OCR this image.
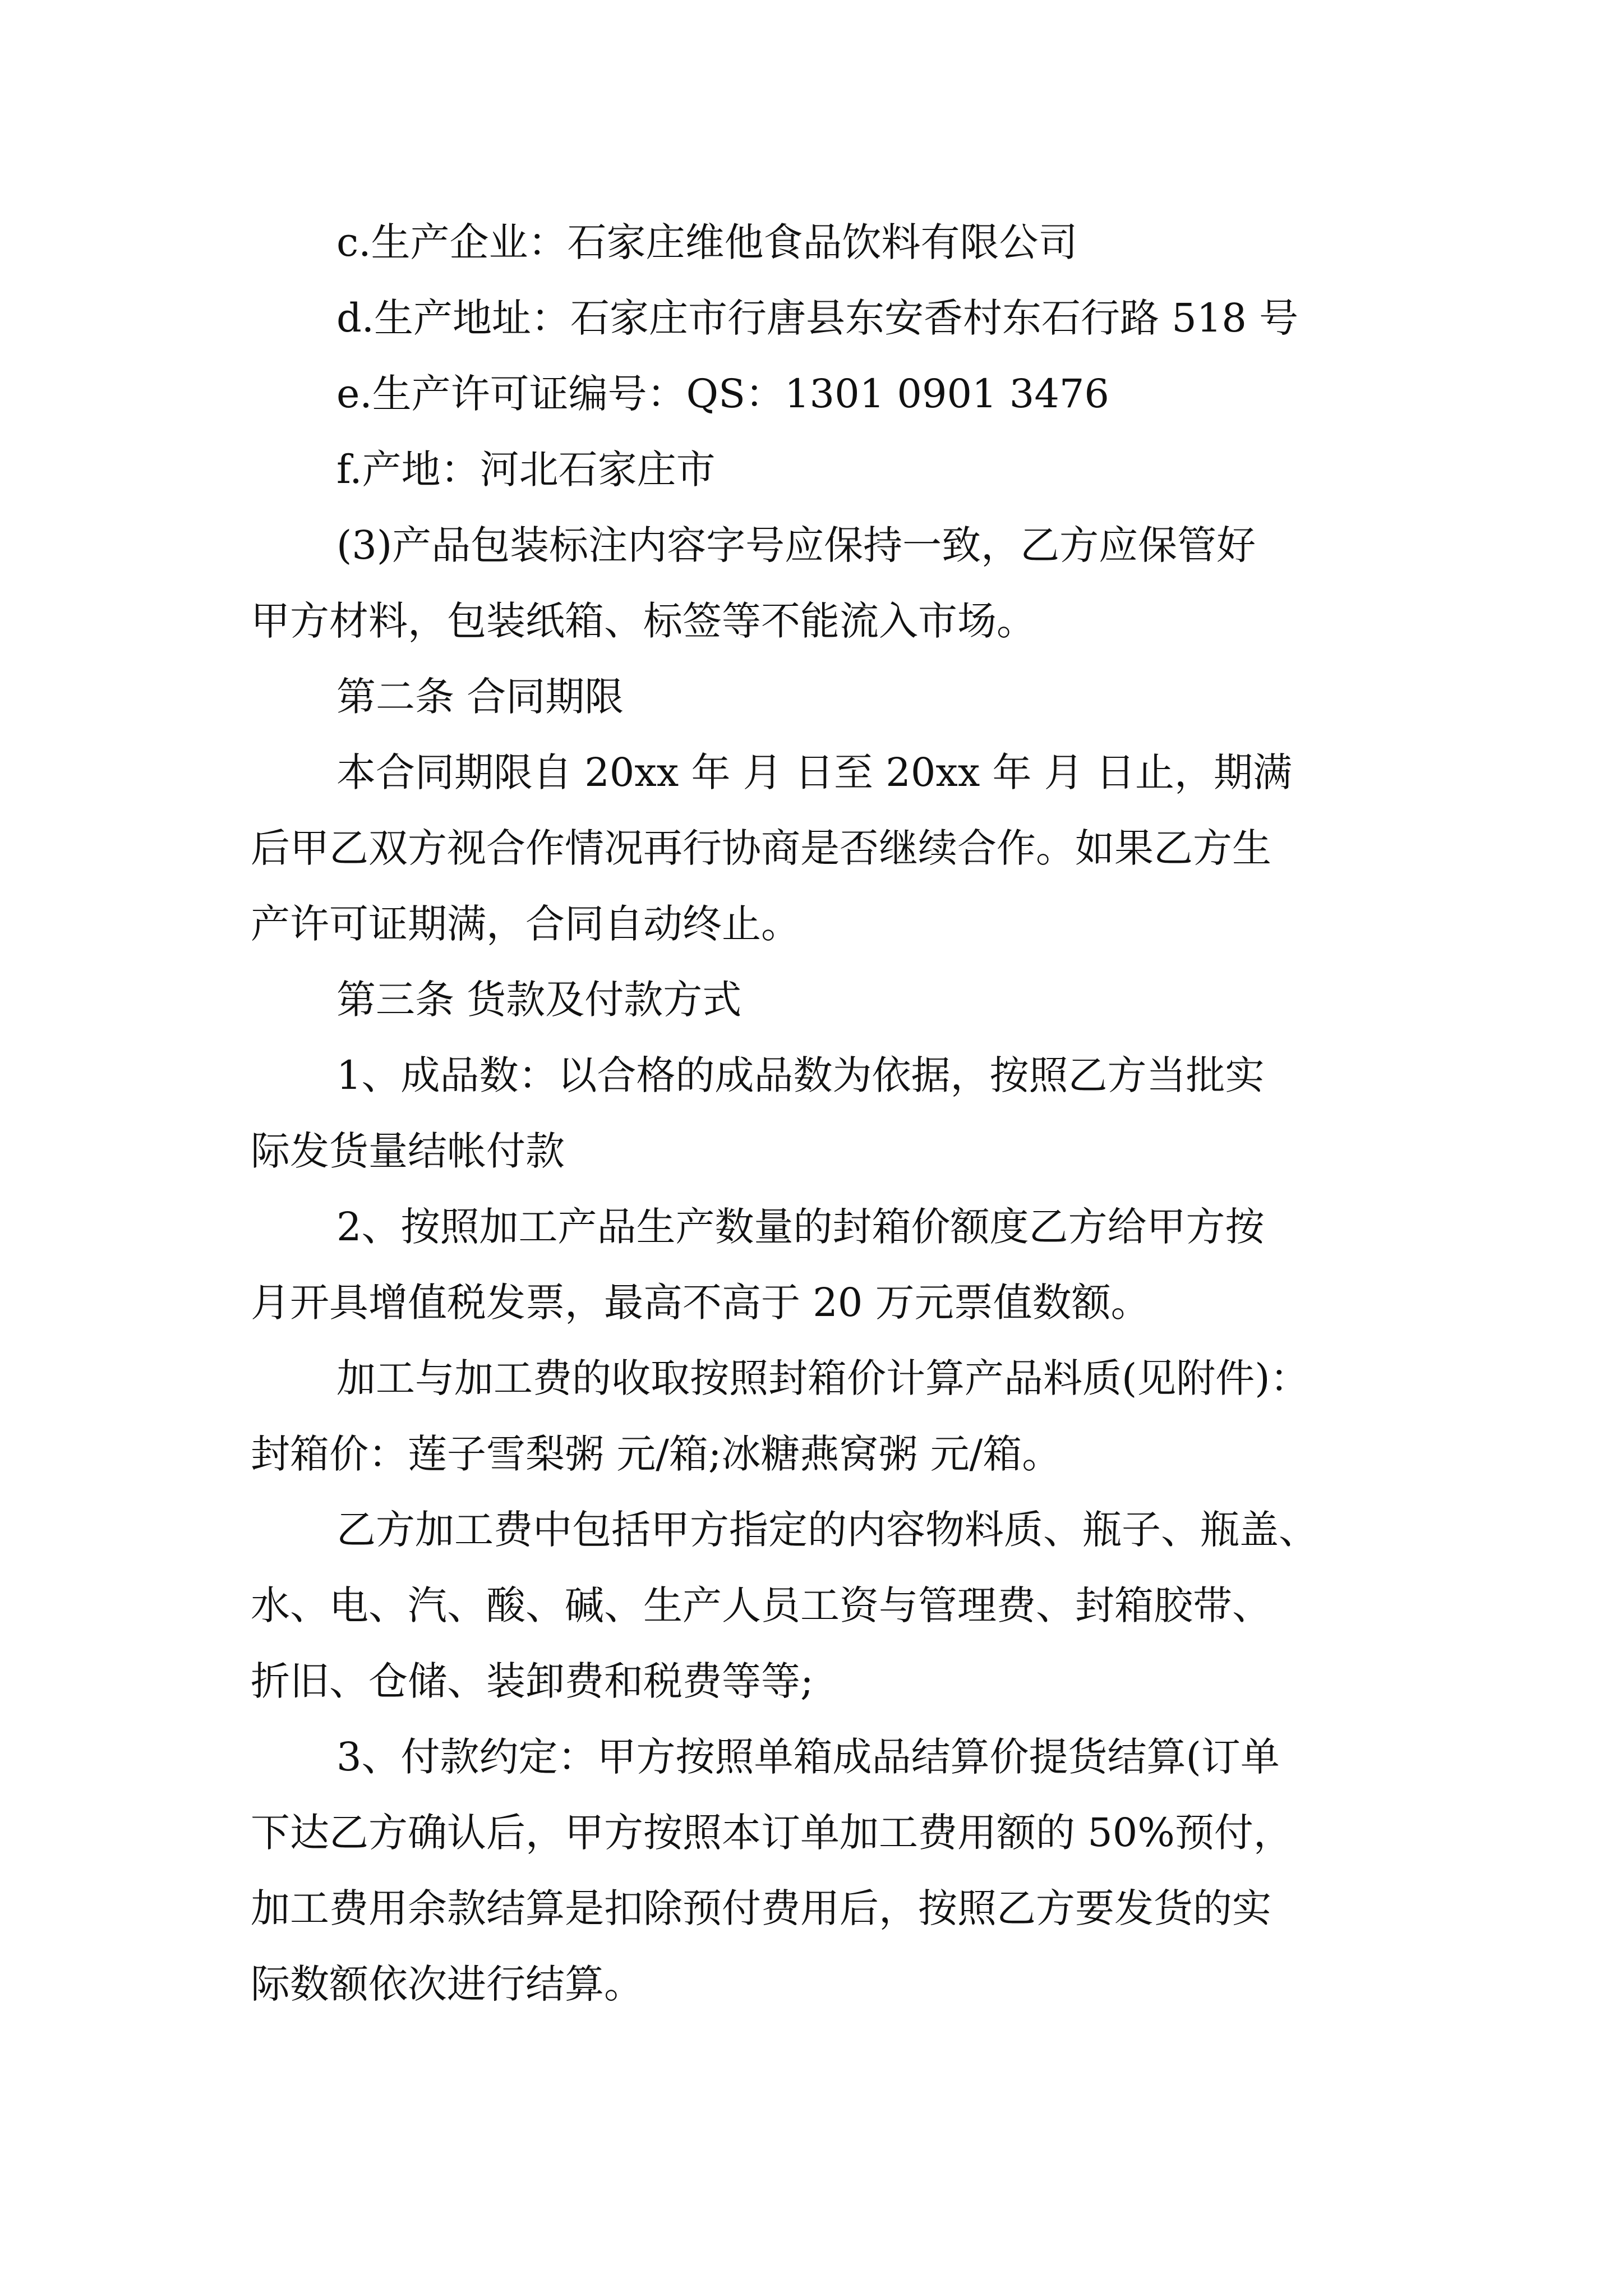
c.生产企业：石家庄维他食品饮料有限公司
d.生产地址：石家庄市行唐县东安香村东石行路 518 号
e.生产许可证编号：QS：1301 0901 3476
f.产地：河北石家庄市
(3)产品包装标注内容字号应保持一致，乙方应保管好
甲方材料，包装纸箱、标签等不能流入市场。
第二条 合同期限
本合同期限自 20xx 年 月 日至 20xx 年 月 日止，期满
后甲乙双方视合作情况再行协商是否继续合作。如果乙方生
产许可证期满，合同自动终止。
第三条 货款及付款方式
1、成品数：以合格的成品数为依据，按照乙方当批实
际发货量结帐付款
2、按照加工产品生产数量的封箱价额度乙方给甲方按
月开具增值税发票，最高不高于 20 万元票值数额。
加工与加工费的收取按照封箱价计算产品料质(见附件)：
封箱价：莲子雪梨粥 元/箱;冰糖燕窝粥 元/箱。
乙方加工费中包括甲方指定的内容物料质、瓶子、瓶盖、
水、电、汽、酸、碱、生产人员工资与管理费、封箱胶带、
折旧、仓储、装卸费和税费等等;
3、付款约定：甲方按照单箱成品结算价提货结算(订单
下达乙方确认后，甲方按照本订单加工费用额的 50%预付，
加工费用余款结算是扣除预付费用后，按照乙方要发货的实
际数额依次进行结算。
